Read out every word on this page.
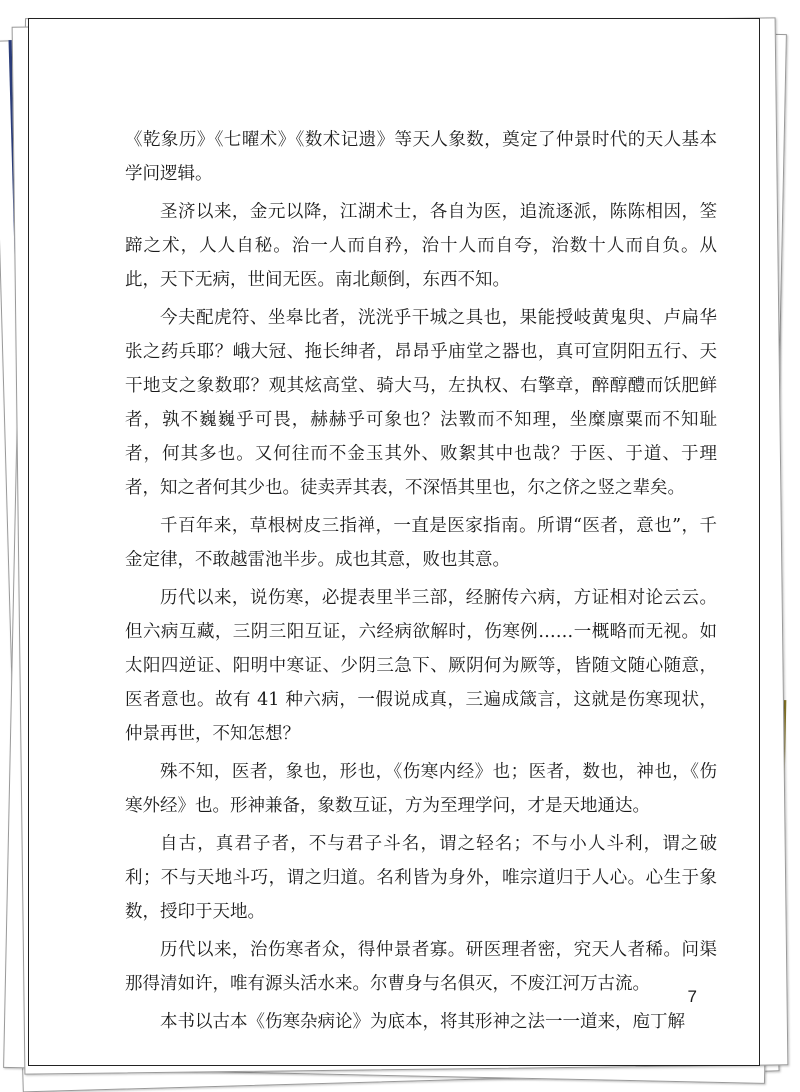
《乾象历》《七曜术》《数术记遗》等天人象数，奠定了仲景时代的天人基本学问逻辑。

圣济以来，金元以降，江湖术士，各自为医，追流逐派，陈陈相因，筌蹄之术，人人自秘。治一人而自矜，治十人而自夸，治数十人而自负。从此，天下无病，世间无医。南北颠倒，东西不知。

今夫配虎符、坐皋比者，洸洸乎干城之具也，果能授岐黄鬼臾、卢扁华张之药兵耶？峨大冠、拖长绅者，昂昂乎庙堂之器也，真可宣阴阳五行、天干地支之象数耶？观其炫高堂、骑大马，左执权、右擎章，醉醇醴而饫肥鲜者，孰不巍巍乎可畏，赫赫乎可象也？法斁而不知理，坐糜廪粟而不知耻者，何其多也。又何往而不金玉其外、败絮其中也哉？于医、于道、于理者，知之者何其少也。徒卖弄其表，不深悟其里也，尔之侪之竖之辈矣。

千百年来，草根树皮三指禅，一直是医家指南。所谓“医者，意也”，千金定律，不敢越雷池半步。成也其意，败也其意。

历代以来，说伤寒，必提表里半三部，经腑传六病，方证相对论云云。但六病互藏，三阴三阳互证，六经病欲解时，伤寒例……一概略而无视。如太阳四逆证、阳明中寒证、少阴三急下、厥阴何为厥等，皆随文随心随意，医者意也。故有 41 种六病，一假说成真，三遍成箴言，这就是伤寒现状，仲景再世，不知怎想？

殊不知，医者，象也，形也，《伤寒内经》也；医者，数也，神也，《伤寒外经》也。形神兼备，象数互证，方为至理学问，才是天地通达。

自古，真君子者，不与君子斗名，谓之轻名；不与小人斗利，谓之破利；不与天地斗巧，谓之归道。名利皆为身外，唯宗道归于人心。心生于象数，授印于天地。

历代以来，治伤寒者众，得仲景者寡。研医理者密，究天人者稀。问渠那得清如许，唯有源头活水来。尔曹身与名俱灭，不废江河万古流。

本书以古本《伤寒杂病论》为底本，将其形神之法一一道来，庖丁解

7
